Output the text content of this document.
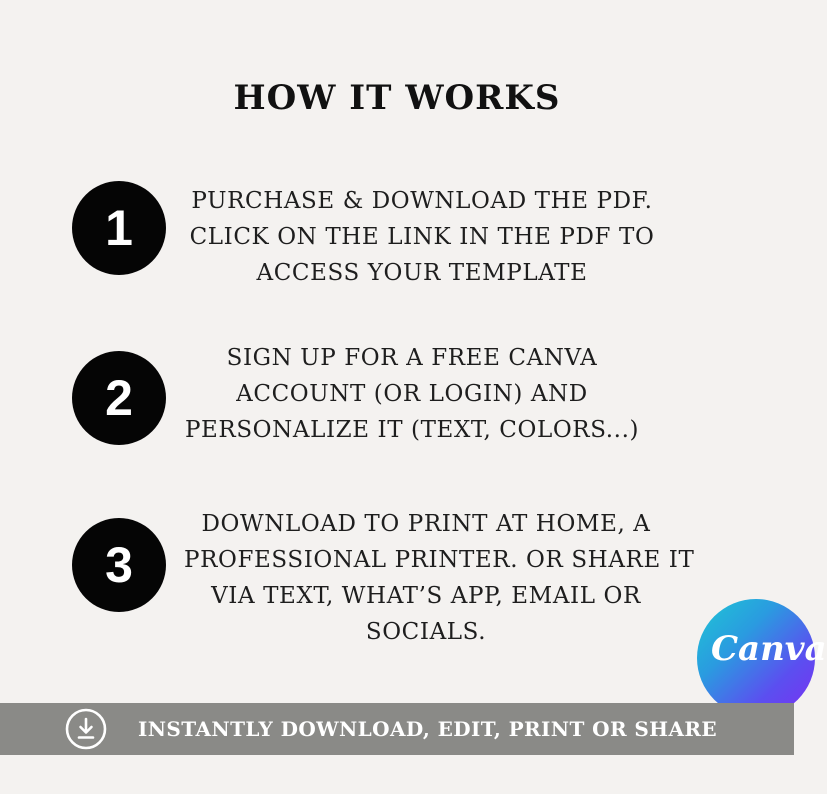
HOW IT WORKS
1	PURCHASE & DOWNLOAD THE PDF.
CLICK ON THE LINK IN THE PDF TO
ACCESS YOUR TEMPLATE
2
SIGN UP FOR A FREE CANVA
ACCOUNT (OR LOGIN) AND
PERSONALIZE IT (TEXT, COLORS...)
3
DOWNLOAD TO PRINT AT HOME, A
PROFESSIONAL PRINTER. OR SHARE IT
VIA TEXT, WHAT’S APP, EMAIL OR
SOCIALS.	Canva
INSTANTLY DOWNLOAD, EDIT, PRINT OR SHARE
